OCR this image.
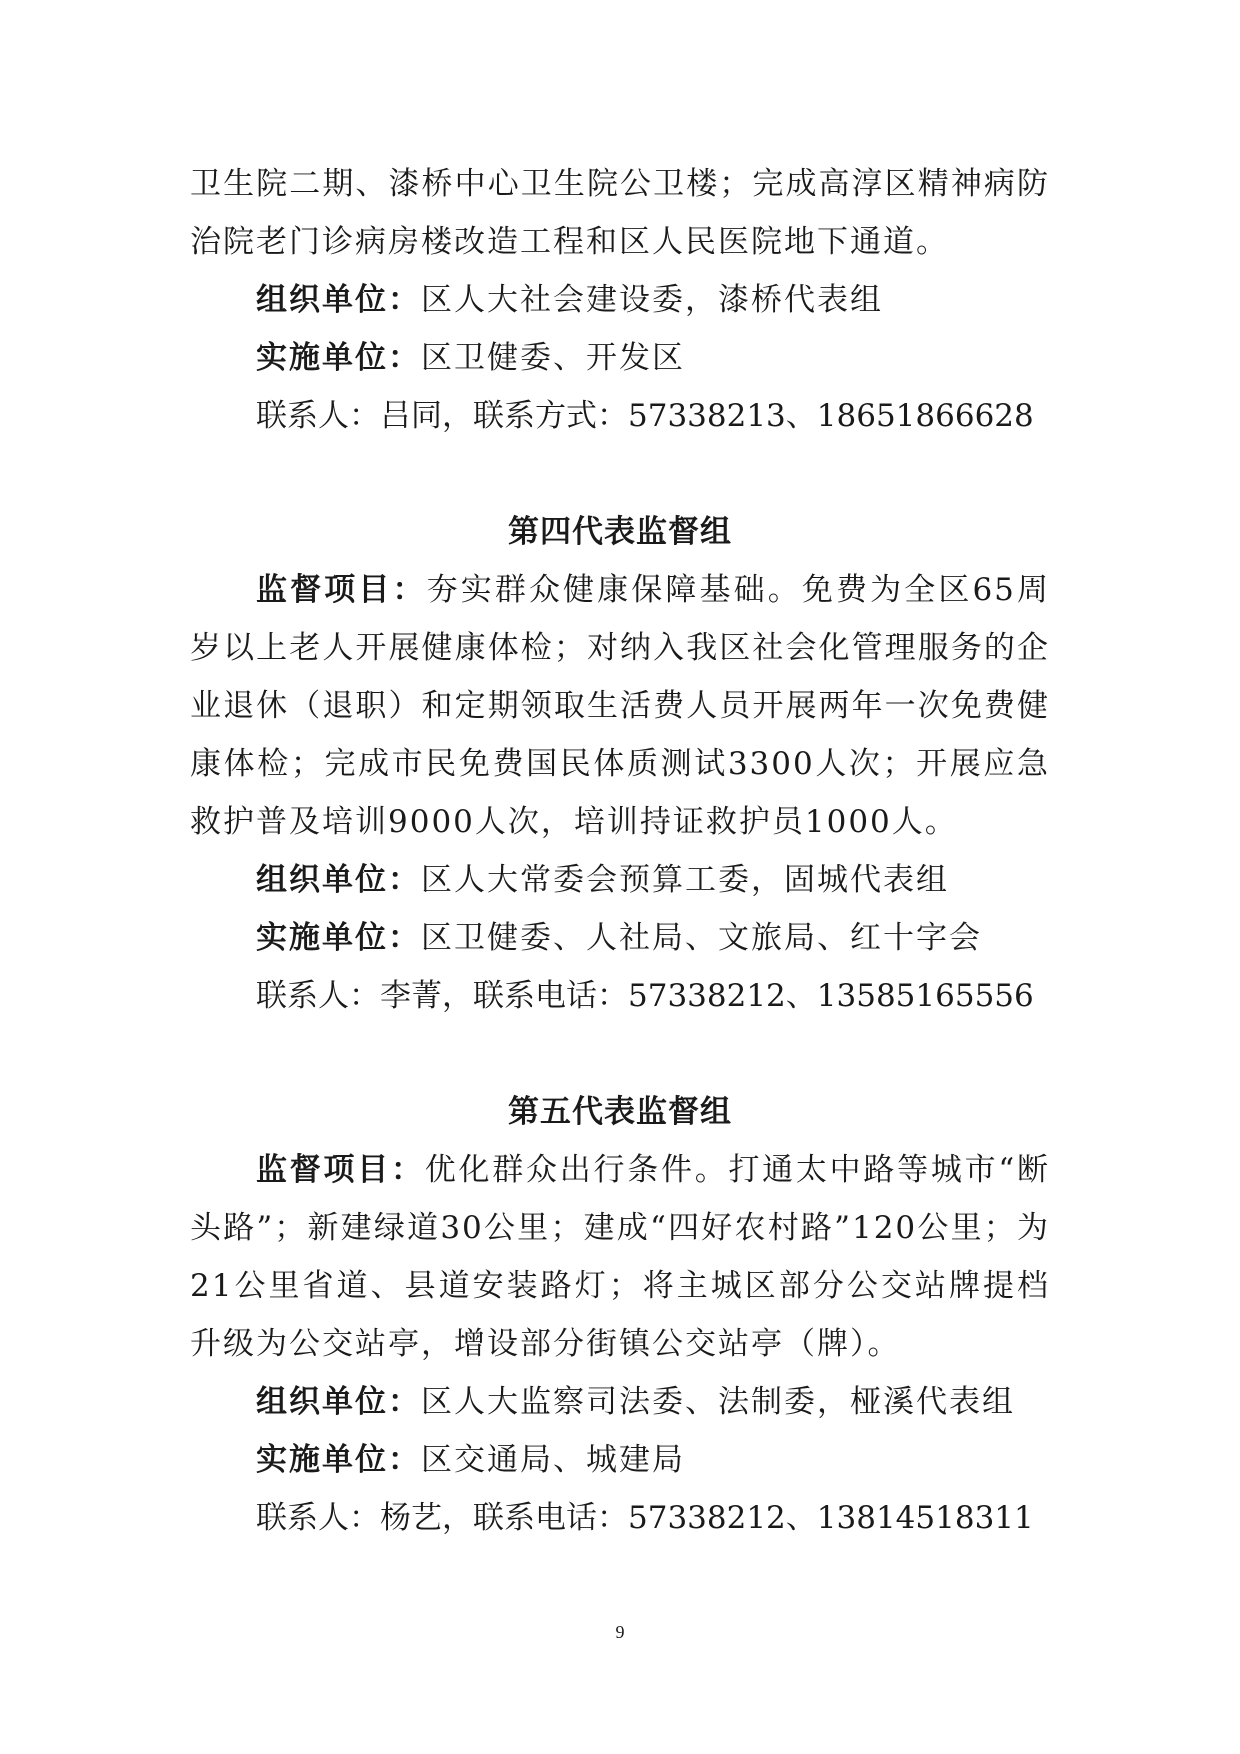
卫生院二期、漆桥中心卫生院公卫楼；完成高淳区精神病防治院老门诊病房楼改造工程和区人民医院地下通道。

组织单位：区人大社会建设委，漆桥代表组

实施单位：区卫健委、开发区

联系人：吕同，联系方式：57338213、18651866628

第四代表监督组

监督项目：夯实群众健康保障基础。免费为全区65周岁以上老人开展健康体检；对纳入我区社会化管理服务的企业退休（退职）和定期领取生活费人员开展两年一次免费健康体检；完成市民免费国民体质测试3300人次；开展应急救护普及培训9000人次，培训持证救护员1000人。

组织单位：区人大常委会预算工委，固城代表组

实施单位：区卫健委、人社局、文旅局、红十字会

联系人：李菁，联系电话：57338212、13585165556

第五代表监督组

监督项目：优化群众出行条件。打通太中路等城市“断头路”；新建绿道30公里；建成“四好农村路”120公里；为21公里省道、县道安装路灯；将主城区部分公交站牌提档升级为公交站亭，增设部分街镇公交站亭（牌）。

组织单位：区人大监察司法委、法制委，桠溪代表组

实施单位：区交通局、城建局

联系人：杨艺，联系电话：57338212、13814518311

9
